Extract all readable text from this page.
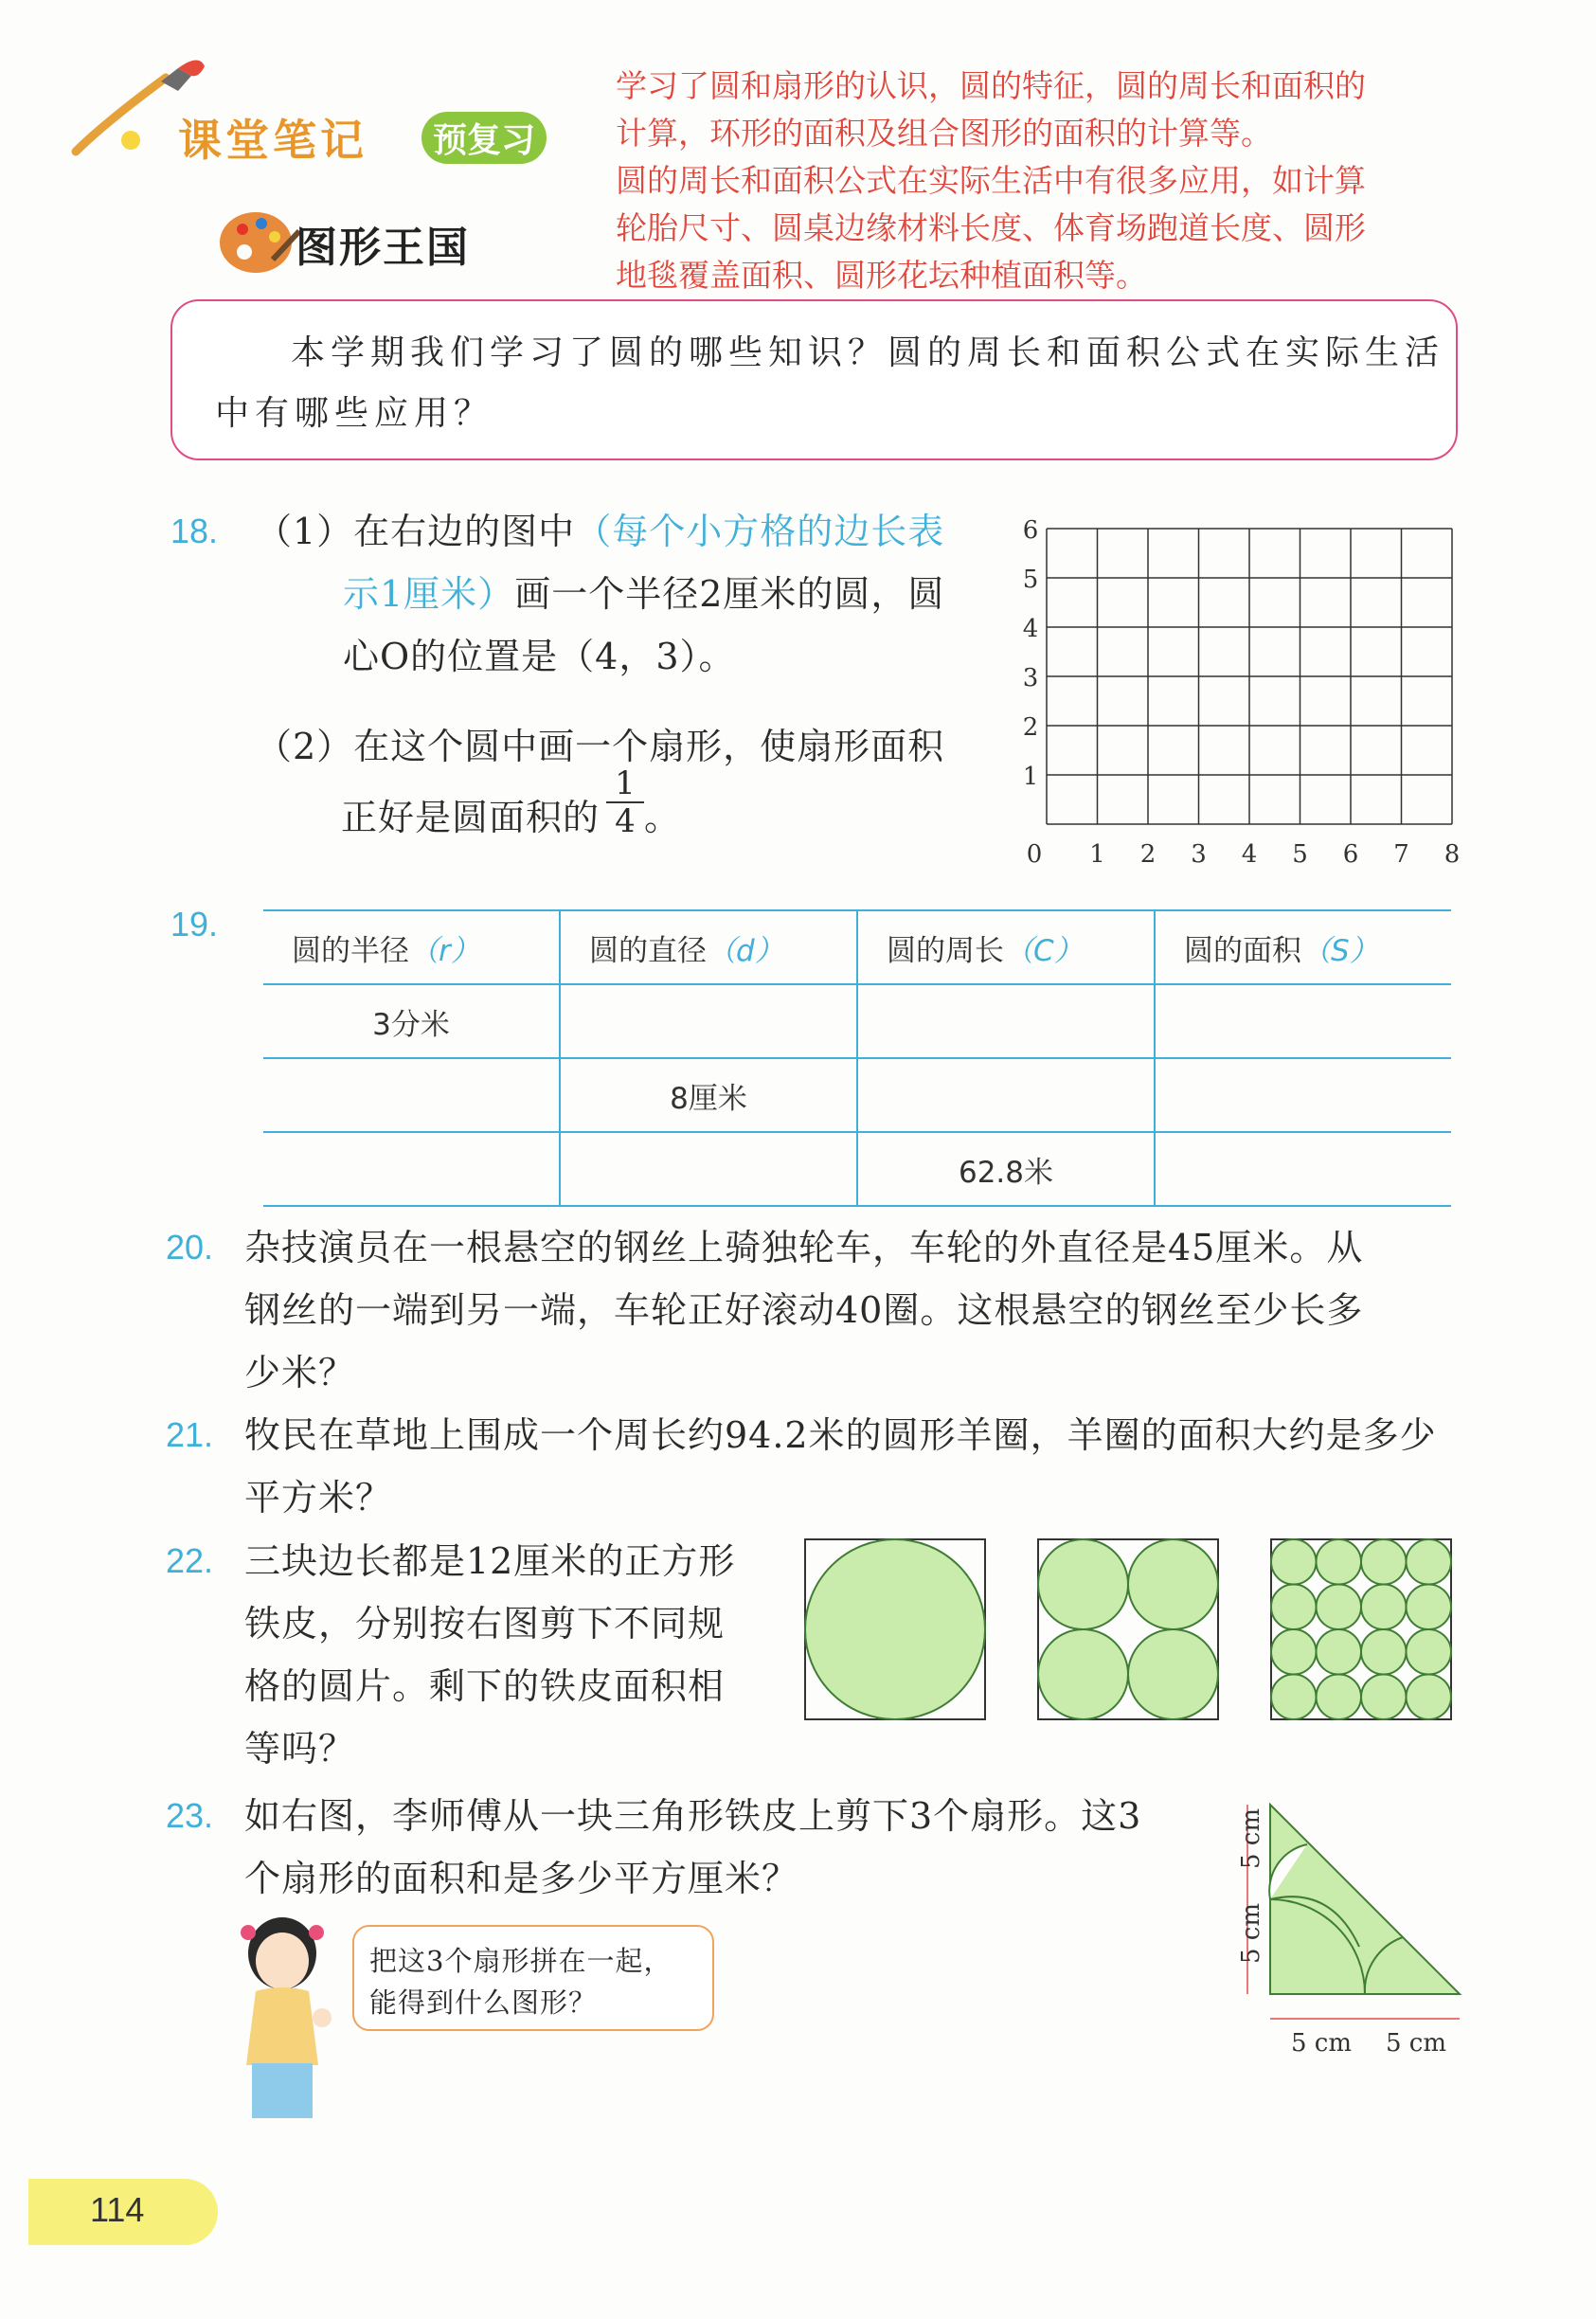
课堂笔记	预复习
图形王国
学习了圆和扇形的认识，圆的特征，圆的周长和面积的
计算，环形的面积及组合图形的面积的计算等。
圆的周长和面积公式在实际生活中有很多应用，如计算
轮胎尺寸、圆桌边缘材料长度、体育场跑道长度、圆形
地毯覆盖面积、圆形花坛种植面积等。
本学期我们学习了圆的哪些知识？圆的周长和面积公式在实际生活
中有哪些应用？
18. （1）在右边的图中（每个小方格的边长表
示1厘米）画一个半径2厘米的圆，圆
心O的位置是（4，3）。
（2）在这个圆中画一个扇形，使扇形面积
正好是圆面积的 $\frac{1}{4}$ 。
6
5
4
3
2
1
0 1 2 3 4 5 6 7 8
19.
圆的半径（r）	圆的直径（d）	圆的周长（C）	圆的面积（S）
3分米			
	8厘米		
		62.8米	
20. 杂技演员在一根悬空的钢丝上骑独轮车，车轮的外直径是45厘米。从
钢丝的一端到另一端，车轮正好滚动40圈。这根悬空的钢丝至少长多
少米？
21. 牧民在草地上围成一个周长约94.2米的圆形羊圈，羊圈的面积大约是多少
平方米？
22. 三块边长都是12厘米的正方形
铁皮，分别按右图剪下不同规
格的圆片。剩下的铁皮面积相
等吗？
23. 如右图，李师傅从一块三角形铁皮上剪下3个扇形。这3
个扇形的面积和是多少平方厘米？
把这3个扇形拼在一起，
能得到什么图形？
5 cm
5 cm
5 cm 5 cm
114
